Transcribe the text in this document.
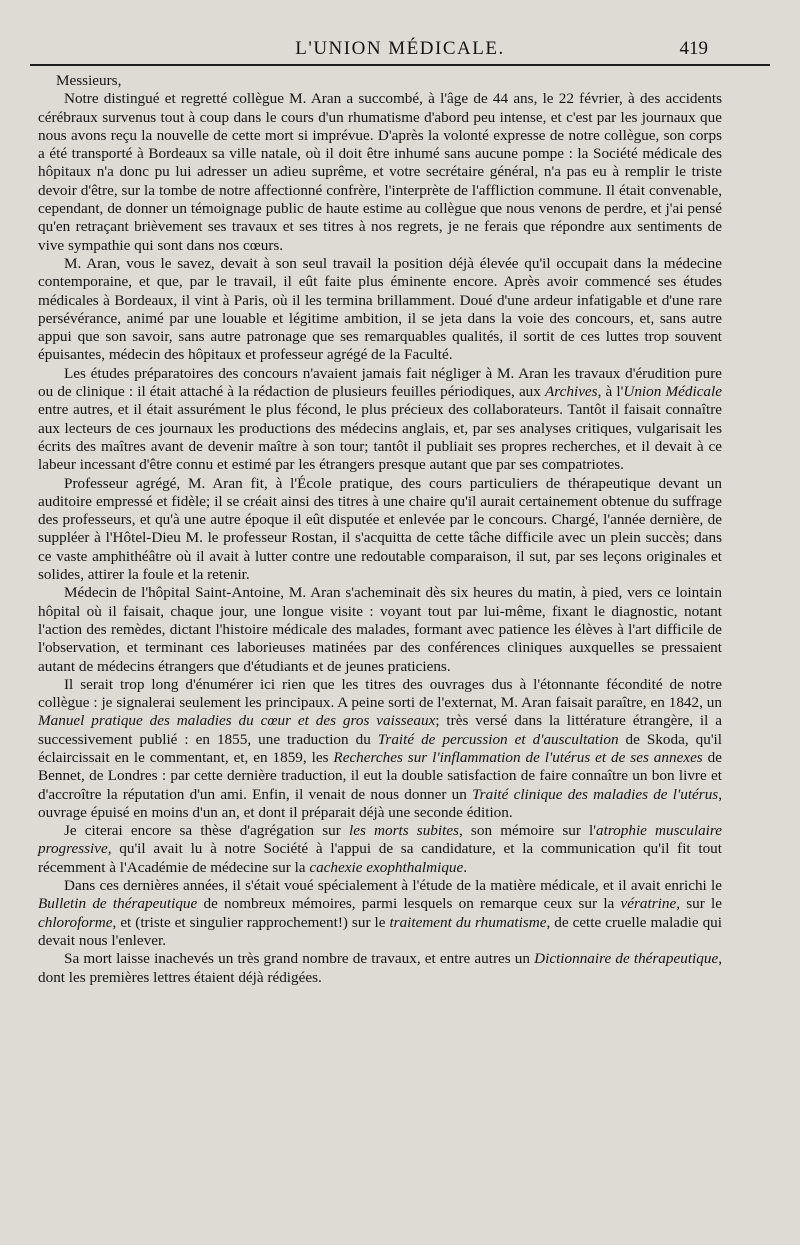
L'UNION MÉDICALE.	419

Messieurs,

Notre distingué et regretté collègue M. Aran a succombé, à l'âge de 44 ans, le 22 février, à des accidents cérébraux survenus tout à coup dans le cours d'un rhumatisme d'abord peu intense, et c'est par les journaux que nous avons reçu la nouvelle de cette mort si imprévue. D'après la volonté expresse de notre collègue, son corps a été transporté à Bordeaux sa ville natale, où il doit être inhumé sans aucune pompe : la Société médicale des hôpitaux n'a donc pu lui adresser un adieu suprême, et votre secrétaire général, n'a pas eu à remplir le triste devoir d'être, sur la tombe de notre affectionné confrère, l'interprète de l'affliction commune. Il était convenable, cependant, de donner un témoignage public de haute estime au collègue que nous venons de perdre, et j'ai pensé qu'en retraçant brièvement ses travaux et ses titres à nos regrets, je ne ferais que répondre aux sentiments de vive sympathie qui sont dans nos cœurs.

M. Aran, vous le savez, devait à son seul travail la position déjà élevée qu'il occupait dans la médecine contemporaine, et que, par le travail, il eût faite plus éminente encore. Après avoir commencé ses études médicales à Bordeaux, il vint à Paris, où il les termina brillamment. Doué d'une ardeur infatigable et d'une rare persévérance, animé par une louable et légitime ambition, il se jeta dans la voie des concours, et, sans autre appui que son savoir, sans autre patronage que ses remarquables qualités, il sortit de ces luttes trop souvent épuisantes, médecin des hôpitaux et professeur agrégé de la Faculté.

Les études préparatoires des concours n'avaient jamais fait négliger à M. Aran les travaux d'érudition pure ou de clinique : il était attaché à la rédaction de plusieurs feuilles périodiques, aux Archives, à l'Union Médicale entre autres, et il était assurément le plus fécond, le plus précieux des collaborateurs. Tantôt il faisait connaître aux lecteurs de ces journaux les productions des médecins anglais, et, par ses analyses critiques, vulgarisait les écrits des maîtres avant de devenir maître à son tour; tantôt il publiait ses propres recherches, et il devait à ce labeur incessant d'être connu et estimé par les étrangers presque autant que par ses compatriotes.

Professeur agrégé, M. Aran fit, à l'École pratique, des cours particuliers de thérapeutique devant un auditoire empressé et fidèle; il se créait ainsi des titres à une chaire qu'il aurait certainement obtenue du suffrage des professeurs, et qu'à une autre époque il eût disputée et enlevée par le concours. Chargé, l'année dernière, de suppléer à l'Hôtel-Dieu M. le professeur Rostan, il s'acquitta de cette tâche difficile avec un plein succès; dans ce vaste amphithéâtre où il avait à lutter contre une redoutable comparaison, il sut, par ses leçons originales et solides, attirer la foule et la retenir.

Médecin de l'hôpital Saint-Antoine, M. Aran s'acheminait dès six heures du matin, à pied, vers ce lointain hôpital où il faisait, chaque jour, une longue visite : voyant tout par lui-même, fixant le diagnostic, notant l'action des remèdes, dictant l'histoire médicale des malades, formant avec patience les élèves à l'art difficile de l'observation, et terminant ces laborieuses matinées par des conférences cliniques auxquelles se pressaient autant de médecins étrangers que d'étudiants et de jeunes praticiens.

Il serait trop long d'énumérer ici rien que les titres des ouvrages dus à l'étonnante fécondité de notre collègue : je signalerai seulement les principaux. A peine sorti de l'externat, M. Aran faisait paraître, en 1842, un Manuel pratique des maladies du cœur et des gros vaisseaux; très versé dans la littérature étrangère, il a successivement publié : en 1855, une traduction du Traité de percussion et d'auscultation de Skoda, qu'il éclaircissait en le commentant, et, en 1859, les Recherches sur l'inflammation de l'utérus et de ses annexes de Bennet, de Londres : par cette dernière traduction, il eut la double satisfaction de faire connaître un bon livre et d'accroître la réputation d'un ami. Enfin, il venait de nous donner un Traité clinique des maladies de l'utérus, ouvrage épuisé en moins d'un an, et dont il préparait déjà une seconde édition.

Je citerai encore sa thèse d'agrégation sur les morts subites, son mémoire sur l'atrophie musculaire progressive, qu'il avait lu à notre Société à l'appui de sa candidature, et la communication qu'il fit tout récemment à l'Académie de médecine sur la cachexie exophthalmique.

Dans ces dernières années, il s'était voué spécialement à l'étude de la matière médicale, et il avait enrichi le Bulletin de thérapeutique de nombreux mémoires, parmi lesquels on remarque ceux sur la vératrine, sur le chloroforme, et (triste et singulier rapprochement!) sur le traitement du rhumatisme, de cette cruelle maladie qui devait nous l'enlever.

Sa mort laisse inachevés un très grand nombre de travaux, et entre autres un Dictionnaire de thérapeutique, dont les premières lettres étaient déjà rédigées.
